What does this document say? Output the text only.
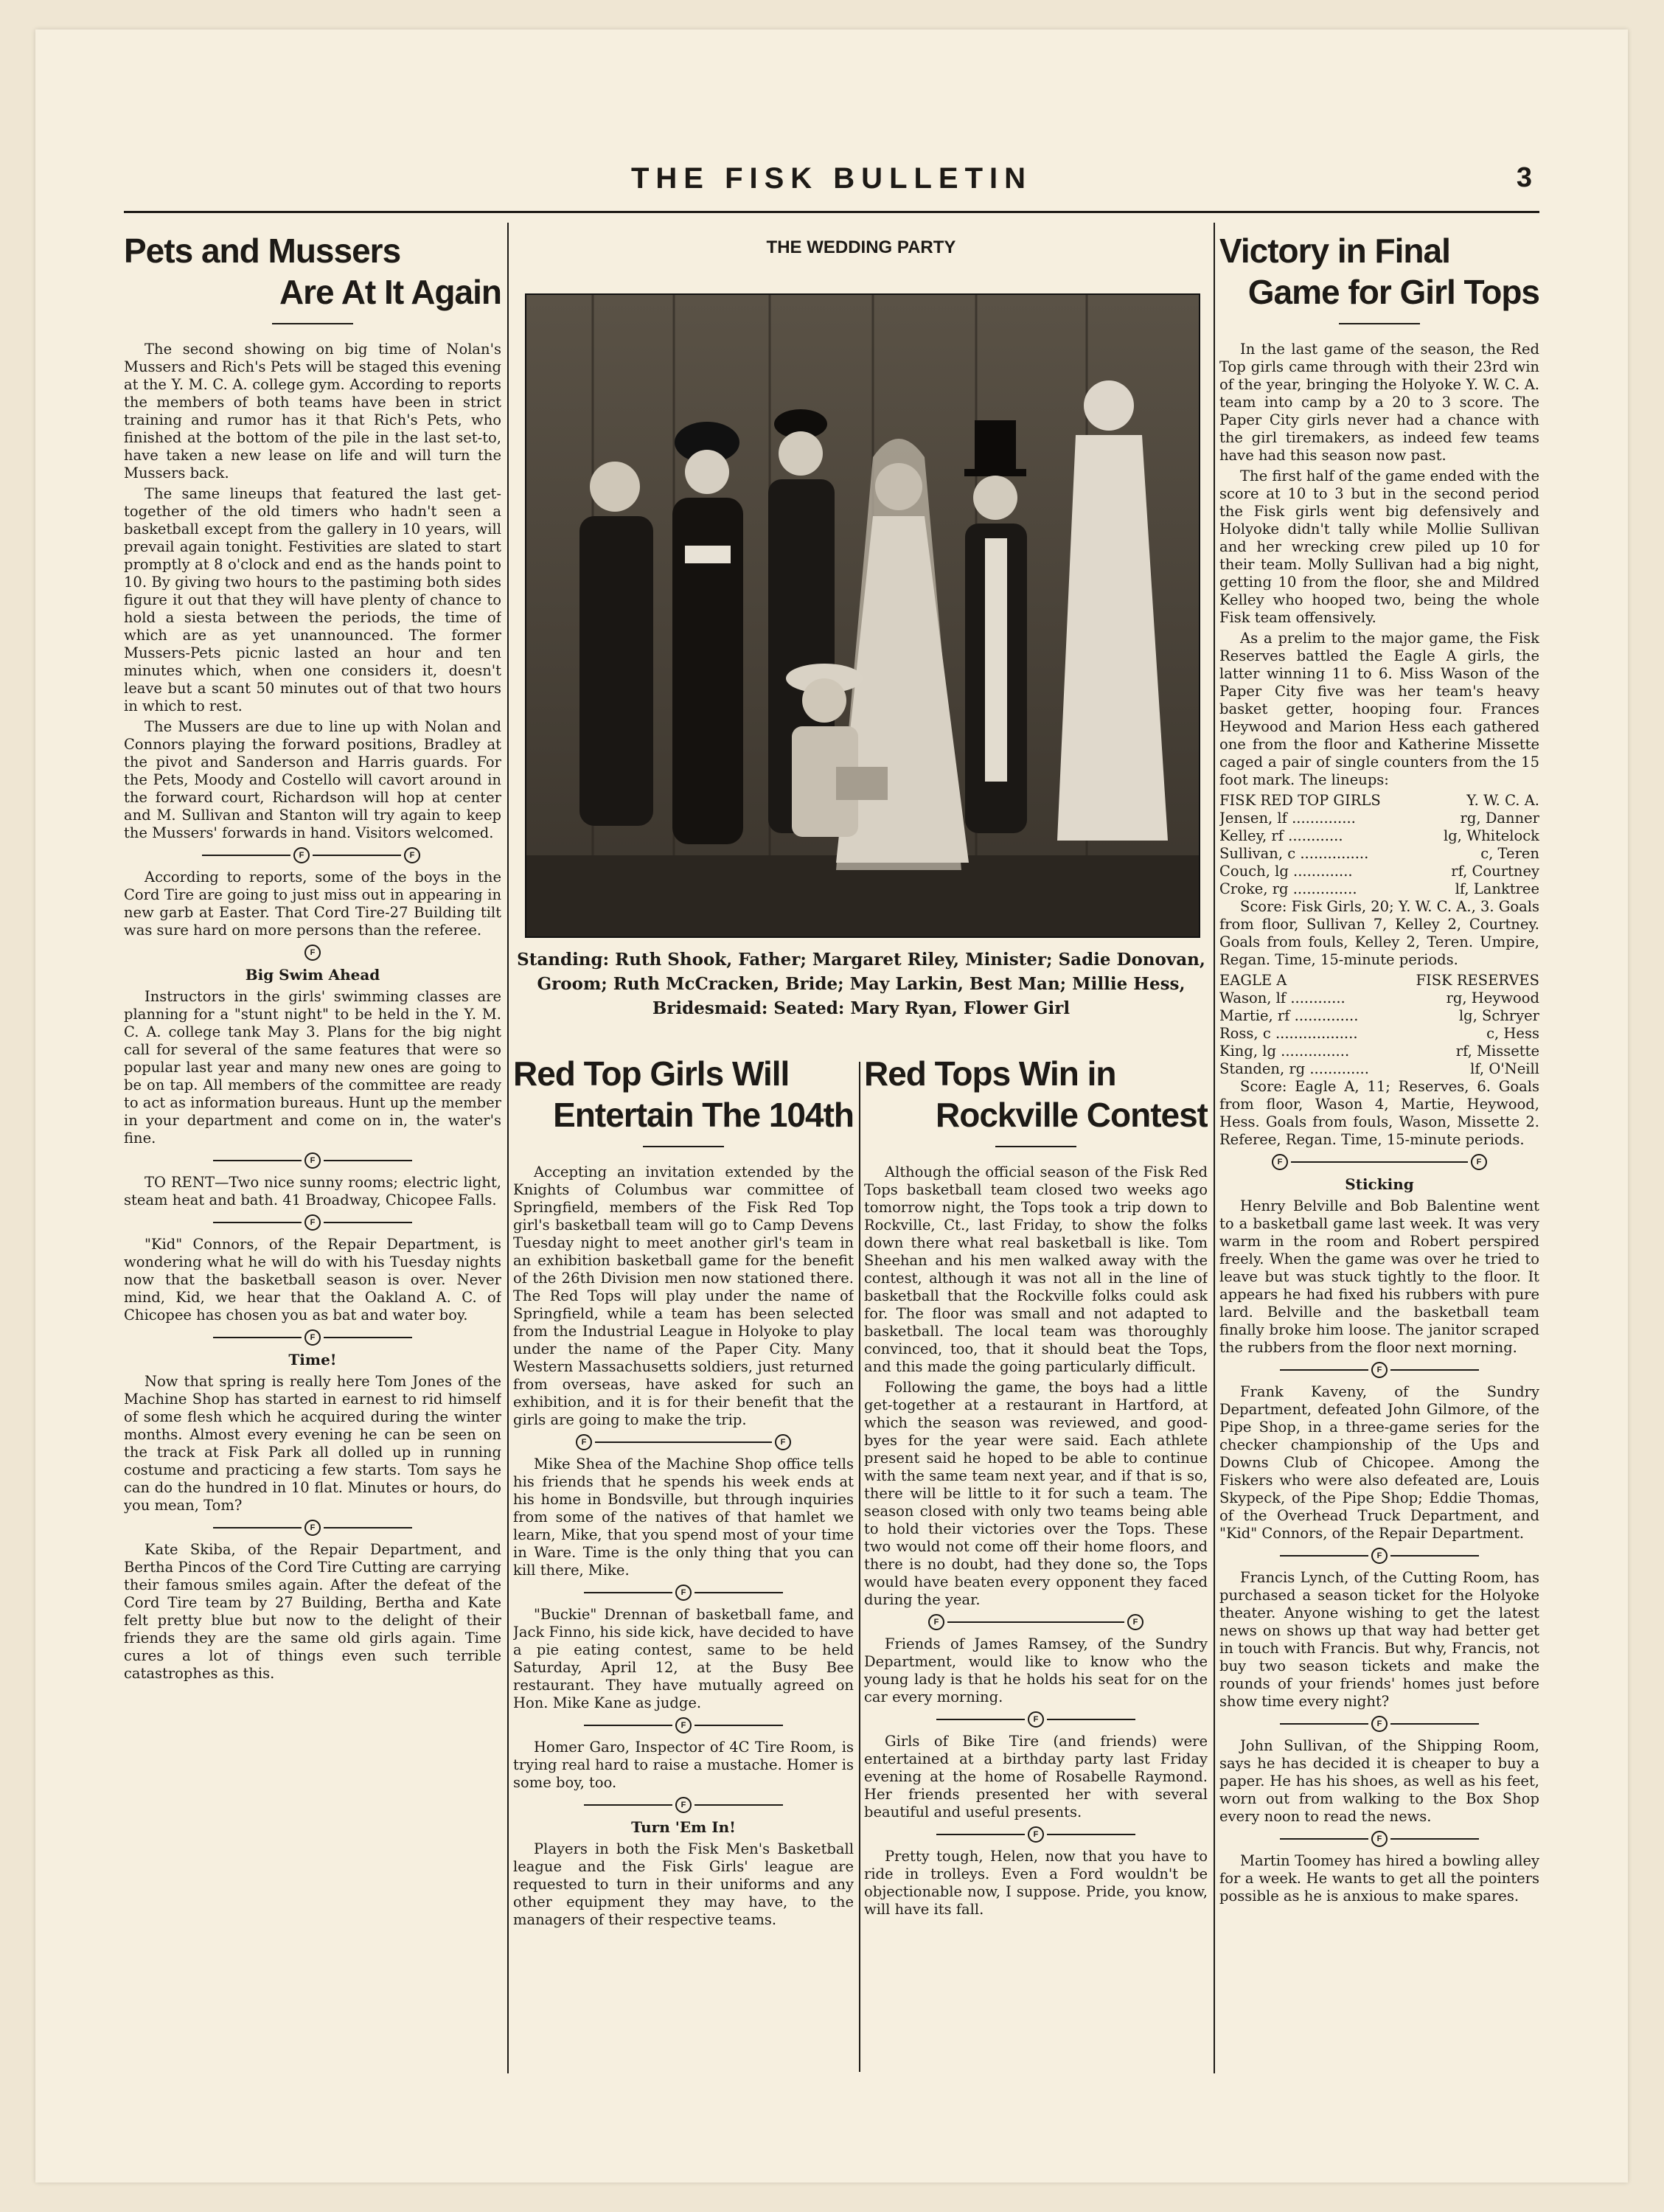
THE FISK BULLETIN	3
Pets and Mussers
Are At It Again

The second showing on big time of Nolan's Mussers and Rich's Pets will be staged this evening at the Y. M. C. A. college gym. According to reports the members of both teams have been in strict training and rumor has it that Rich's Pets, who finished at the bottom of the pile in the last set-to, have taken a new lease on life and will turn the Mussers back.

The same lineups that featured the last get-together of the old timers who hadn't seen a basketball except from the gallery in 10 years, will prevail again tonight. Festivities are slated to start promptly at 8 o'clock and end as the hands point to 10. By giving two hours to the pastiming both sides figure it out that they will have plenty of chance to hold a siesta between the periods, the time of which are as yet unannounced. The former Mussers-Pets picnic lasted an hour and ten minutes which, when one considers it, doesn't leave but a scant 50 minutes out of that two hours in which to rest.

The Mussers are due to line up with Nolan and Connors playing the forward positions, Bradley at the pivot and Sanderson and Harris guards. For the Pets, Moody and Costello will cavort around in the forward court, Richardson will hop at center and M. Sullivan and Stanton will try again to keep the Mussers' forwards in hand. Visitors welcomed.

F	F

According to reports, some of the boys in the Cord Tire are going to just miss out in appearing in new garb at Easter. That Cord Tire-27 Building tilt was sure hard on more persons than the referee.

F
Big Swim Ahead

Instructors in the girls' swimming classes are planning for a "stunt night" to be held in the Y. M. C. A. college tank May 3. Plans for the big night call for several of the same features that were so popular last year and many new ones are going to be on tap. All members of the committee are ready to act as information bureaus. Hunt up the member in your department and come on in, the water's fine.

F

TO RENT—Two nice sunny rooms; electric light, steam heat and bath. 41 Broadway, Chicopee Falls.

F

"Kid" Connors, of the Repair Department, is wondering what he will do with his Tuesday nights now that the basketball season is over. Never mind, Kid, we hear that the Oakland A. C. of Chicopee has chosen you as bat and water boy.

F
Time!

Now that spring is really here Tom Jones of the Machine Shop has started in earnest to rid himself of some flesh which he acquired during the winter months. Almost every evening he can be seen on the track at Fisk Park all dolled up in running costume and practicing a few starts. Tom says he can do the hundred in 10 flat. Minutes or hours, do you mean, Tom?

F

Kate Skiba, of the Repair Department, and Bertha Pincos of the Cord Tire Cutting are carrying their famous smiles again. After the defeat of the Cord Tire team by 27 Building, Bertha and Kate felt pretty blue but now to the delight of their friends they are the same old girls again. Time cures a lot of things even such terrible catastrophes as this.

THE WEDDING PARTY
Standing: Ruth Shook, Father; Margaret Riley, Minister; Sadie Donovan, Groom; Ruth McCracken, Bride; May Larkin, Best Man; Millie Hess, Bridesmaid: Seated: Mary Ryan, Flower Girl
Red Top Girls Will
Entertain The 104th

Accepting an invitation extended by the Knights of Columbus war committee of Springfield, members of the Fisk Red Top girl's basketball team will go to Camp Devens Tuesday night to meet another girl's team in an exhibition basketball game for the benefit of the 26th Division men now stationed there. The Red Tops will play under the name of Springfield, while a team has been selected from the Industrial League in Holyoke to play under the name of the Paper City. Many Western Massachusetts soldiers, just returned from overseas, have asked for such an exhibition, and it is for their benefit that the girls are going to make the trip.

F	F

Mike Shea of the Machine Shop office tells his friends that he spends his week ends at his home in Bondsville, but through inquiries from some of the natives of that hamlet we learn, Mike, that you spend most of your time in Ware. Time is the only thing that you can kill there, Mike.

F

"Buckie" Drennan of basketball fame, and Jack Finno, his side kick, have decided to have a pie eating contest, same to be held Saturday, April 12, at the Busy Bee restaurant. They have mutually agreed on Hon. Mike Kane as judge.

F

Homer Garo, Inspector of 4C Tire Room, is trying real hard to raise a mustache. Homer is some boy, too.

F
Turn 'Em In!

Players in both the Fisk Men's Basketball league and the Fisk Girls' league are requested to turn in their uniforms and any other equipment they may have, to the managers of their respective teams.

Red Tops Win in
Rockville Contest

Although the official season of the Fisk Red Tops basketball team closed two weeks ago tomorrow night, the Tops took a trip down to Rockville, Ct., last Friday, to show the folks down there what real basketball is like. Tom Sheehan and his men walked away with the contest, although it was not all in the line of basketball that the Rockville folks could ask for. The floor was small and not adapted to basketball. The local team was thoroughly convinced, too, that it should beat the Tops, and this made the going particularly difficult.

Following the game, the boys had a little get-together at a restaurant in Hartford, at which the season was reviewed, and good-byes for the year were said. Each athlete present said he hoped to be able to continue with the same team next year, and if that is so, there will be little to it for such a team. The season closed with only two teams being able to hold their victories over the Tops. These two would not come off their home floors, and there is no doubt, had they done so, the Tops would have beaten every opponent they faced during the year.

F	F

Friends of James Ramsey, of the Sundry Department, would like to know who the young lady is that he holds his seat for on the car every morning.

F

Girls of Bike Tire (and friends) were entertained at a birthday party last Friday evening at the home of Rosabelle Raymond. Her friends presented her with several beautiful and useful presents.

F

Pretty tough, Helen, now that you have to ride in trolleys. Even a Ford wouldn't be objectionable now, I suppose. Pride, you know, will have its fall.

Victory in Final
Game for Girl Tops

In the last game of the season, the Red Top girls came through with their 23rd win of the year, bringing the Holyoke Y. W. C. A. team into camp by a 20 to 3 score. The Paper City girls never had a chance with the girl tiremakers, as indeed few teams have had this season now past.

The first half of the game ended with the score at 10 to 3 but in the second period the Fisk girls went big defensively and Holyoke didn't tally while Mollie Sullivan and her wrecking crew piled up 10 for their team. Molly Sullivan had a big night, getting 10 from the floor, she and Mildred Kelley who hooped two, being the whole Fisk team offensively.

As a prelim to the major game, the Fisk Reserves battled the Eagle A girls, the latter winning 11 to 6. Miss Wason of the Paper City five was her team's heavy basket getter, hooping four. Frances Heywood and Marion Hess each gathered one from the floor and Katherine Missette caged a pair of single counters from the 15 foot mark. The lineups:

FISK RED TOP GIRLS	Y. W. C. A.
Jensen, lf ..............	rg, Danner
Kelley, rf ............	lg, Whitelock
Sullivan, c ...............	c, Teren
Couch, lg .............	rf, Courtney
Croke, rg ..............	lf, Lanktree

Score: Fisk Girls, 20; Y. W. C. A., 3. Goals from floor, Sullivan 7, Kelley 2, Courtney. Goals from fouls, Kelley 2, Teren. Umpire, Regan. Time, 15-minute periods.

EAGLE A	FISK RESERVES
Wason, lf ............	rg, Heywood
Martie, rf ..............	lg, Schryer
Ross, c ..................	c, Hess
King, lg ...............	rf, Missette
Standen, rg .............	lf, O'Neill

Score: Eagle A, 11; Reserves, 6. Goals from floor, Wason 4, Martie, Heywood, Hess. Goals from fouls, Wason, Missette 2. Referee, Regan. Time, 15-minute periods.

F	F
Sticking

Henry Belville and Bob Balentine went to a basketball game last week. It was very warm in the room and Robert perspired freely. When the game was over he tried to leave but was stuck tightly to the floor. It appears he had fixed his rubbers with pure lard. Belville and the basketball team finally broke him loose. The janitor scraped the rubbers from the floor next morning.

F

Frank Kaveny, of the Sundry Department, defeated John Gilmore, of the Pipe Shop, in a three-game series for the checker championship of the Ups and Downs Club of Chicopee. Among the Fiskers who were also defeated are, Louis Skypeck, of the Pipe Shop; Eddie Thomas, of the Overhead Truck Department, and "Kid" Connors, of the Repair Department.

F

Francis Lynch, of the Cutting Room, has purchased a season ticket for the Holyoke theater. Anyone wishing to get the latest news on shows up that way had better get in touch with Francis. But why, Francis, not buy two season tickets and make the rounds of your friends' homes just before show time every night?

F

John Sullivan, of the Shipping Room, says he has decided it is cheaper to buy a paper. He has his shoes, as well as his feet, worn out from walking to the Box Shop every noon to read the news.

F

Martin Toomey has hired a bowling alley for a week. He wants to get all the pointers possible as he is anxious to make spares.
